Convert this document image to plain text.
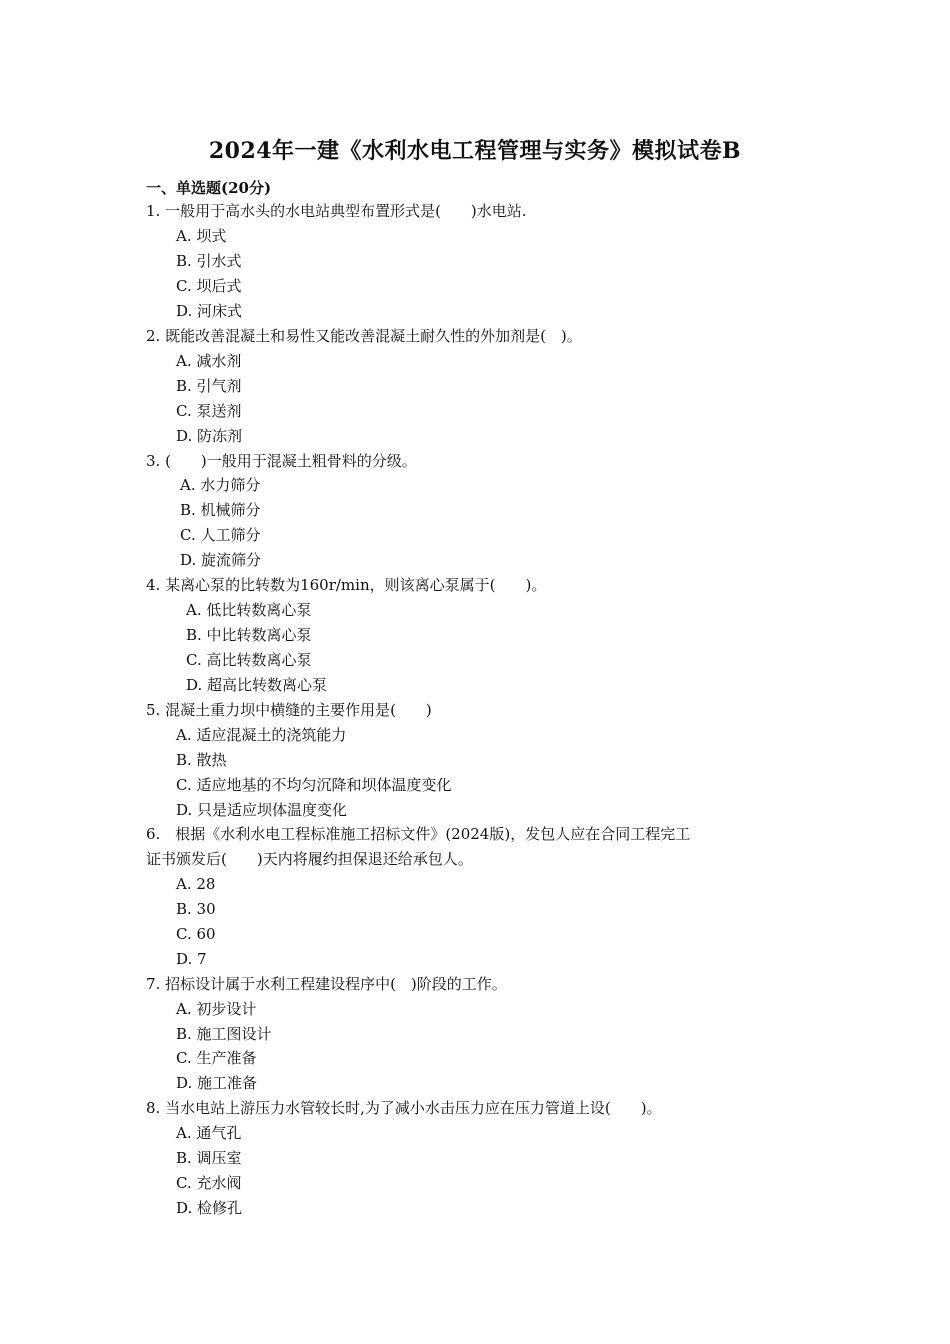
2024年一建《水利水电工程管理与实务》模拟试卷B
一、单选题(20分)
1. 一般用于高水头的水电站典型布置形式是(　　)水电站.
A. 坝式
B. 引水式
C. 坝后式
D. 河床式
2. 既能改善混凝土和易性又能改善混凝土耐久性的外加剂是(　)。
A. 减水剂
B. 引气剂
C. 泵送剂
D. 防冻剂
3. (　　)一般用于混凝土粗骨料的分级。
A. 水力筛分
B. 机械筛分
C. 人工筛分
D. 旋流筛分
4. 某离心泵的比转数为160r/min，则该离心泵属于(　　)。
A. 低比转数离心泵
B. 中比转数离心泵
C. 高比转数离心泵
D. 超高比转数离心泵
5. 混凝土重力坝中横缝的主要作用是(　　)
A. 适应混凝土的浇筑能力
B. 散热
C. 适应地基的不均匀沉降和坝体温度变化
D. 只是适应坝体温度变化
6.　根据《水利水电工程标准施工招标文件》(2024版)，发包人应在合同工程完工
证书颁发后(　　)天内将履约担保退还给承包人。
A. 28
B. 30
C. 60
D. 7
7. 招标设计属于水利工程建设程序中(　)阶段的工作。
A. 初步设计
B. 施工图设计
C. 生产准备
D. 施工准备
8. 当水电站上游压力水管较长时,为了减小水击压力应在压力管道上设(　　)。
A. 通气孔
B. 调压室
C. 充水阀
D. 检修孔
